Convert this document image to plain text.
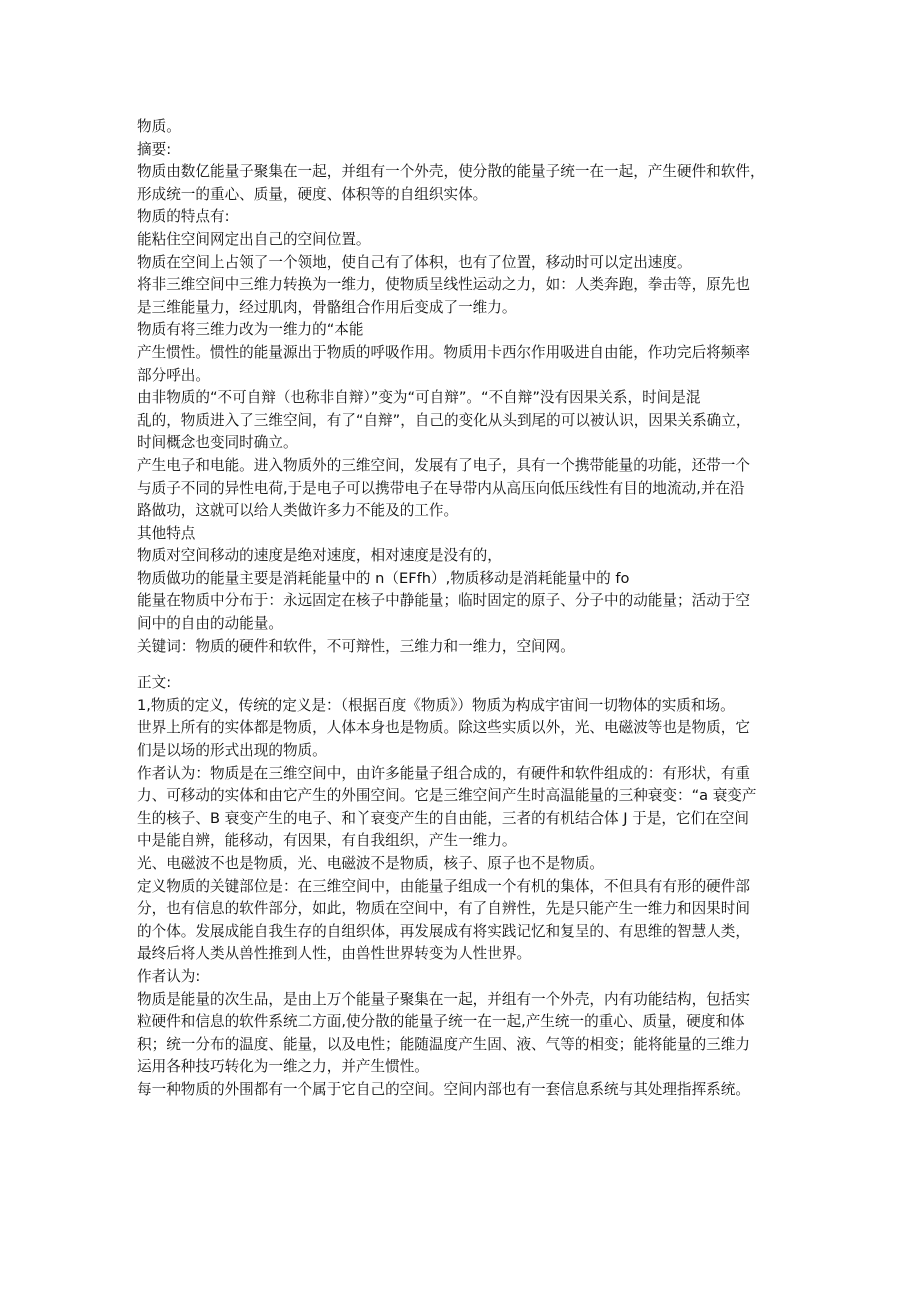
物质。
摘要:
物质由数亿能量子聚集在一起，并组有一个外壳，使分散的能量子统一在一起，产生硬件和软件，
形成统一的重心、质量，硬度、体积等的自组织实体。
物质的特点有:
能粘住空间网定出自己的空间位置。
物质在空间上占领了一个领地，使自己有了体积，也有了位置，移动时可以定出速度。
将非三维空间中三维力转换为一维力，使物质呈线性运动之力，如：人类奔跑，拳击等，原先也
是三维能量力，经过肌肉，骨骼组合作用后变成了一维力。
物质有将三维力改为一维力的“本能
产生惯性。惯性的能量源出于物质的呼吸作用。物质用卡西尔作用吸进自由能，作功完后将频率
部分呼出。
由非物质的“不可自辩（也称非自辩）”变为“可自辩”。“不自辩”没有因果关系，时间是混
乱的，物质进入了三维空间，有了“自辩”，自己的变化从头到尾的可以被认识，因果关系确立，
时间概念也变同时确立。
产生电子和电能。进入物质外的三维空间，发展有了电子，具有一个携带能量的功能，还带一个
与质子不同的异性电荷,于是电子可以携带电子在导带内从高压向低压线性有目的地流动,并在沿
路做功，这就可以给人类做许多力不能及的工作。
其他特点
物质对空间移动的速度是绝对速度，相对速度是没有的，
物质做功的能量主要是消耗能量中的 n（EFfh）,物质移动是消耗能量中的 fo
能量在物质中分布于：永远固定在核子中静能量；临时固定的原子、分子中的动能量；活动于空
间中的自由的动能量。
关键词：物质的硬件和软件，不可辩性，三维力和一维力，空间网。
正文:
1,物质的定义，传统的定义是：（根据百度《物质》）物质为构成宇宙间一切物体的实质和场。
世界上所有的实体都是物质，人体本身也是物质。除这些实质以外，光、电磁波等也是物质，它
们是以场的形式出现的物质。
作者认为：物质是在三维空间中，由许多能量子组合成的，有硬件和软件组成的：有形状，有重
力、可移动的实体和由它产生的外围空间。它是三维空间产生时高温能量的三种衰变：“a 衰变产
生的核子、B 衰变产生的电子、和丫衰变产生的自由能，三者的有机结合体 J 于是，它们在空间
中是能自辨，能移动，有因果，有自我组织，产生一维力。
光、电磁波不也是物质，光、电磁波不是物质，核子、原子也不是物质。
定义物质的关键部位是：在三维空间中，由能量子组成一个有机的集体，不但具有有形的硬件部
分，也有信息的软件部分，如此，物质在空间中，有了自辨性，先是只能产生一维力和因果时间
的个体。发展成能自我生存的自组织体，再发展成有将实践记忆和复呈的、有思维的智慧人类，
最终后将人类从兽性推到人性，由兽性世界转变为人性世界。
作者认为:
物质是能量的次生品，是由上万个能量子聚集在一起，并组有一个外壳，内有功能结构，包括实
粒硬件和信息的软件系统二方面,使分散的能量子统一在一起,产生统一的重心、质量，硬度和体
积；统一分布的温度、能量，以及电性；能随温度产生固、液、气等的相变；能将能量的三维力
运用各种技巧转化为一维之力，并产生惯性。
每一种物质的外围都有一个属于它自己的空间。空间内部也有一套信息系统与其处理指挥系统。
